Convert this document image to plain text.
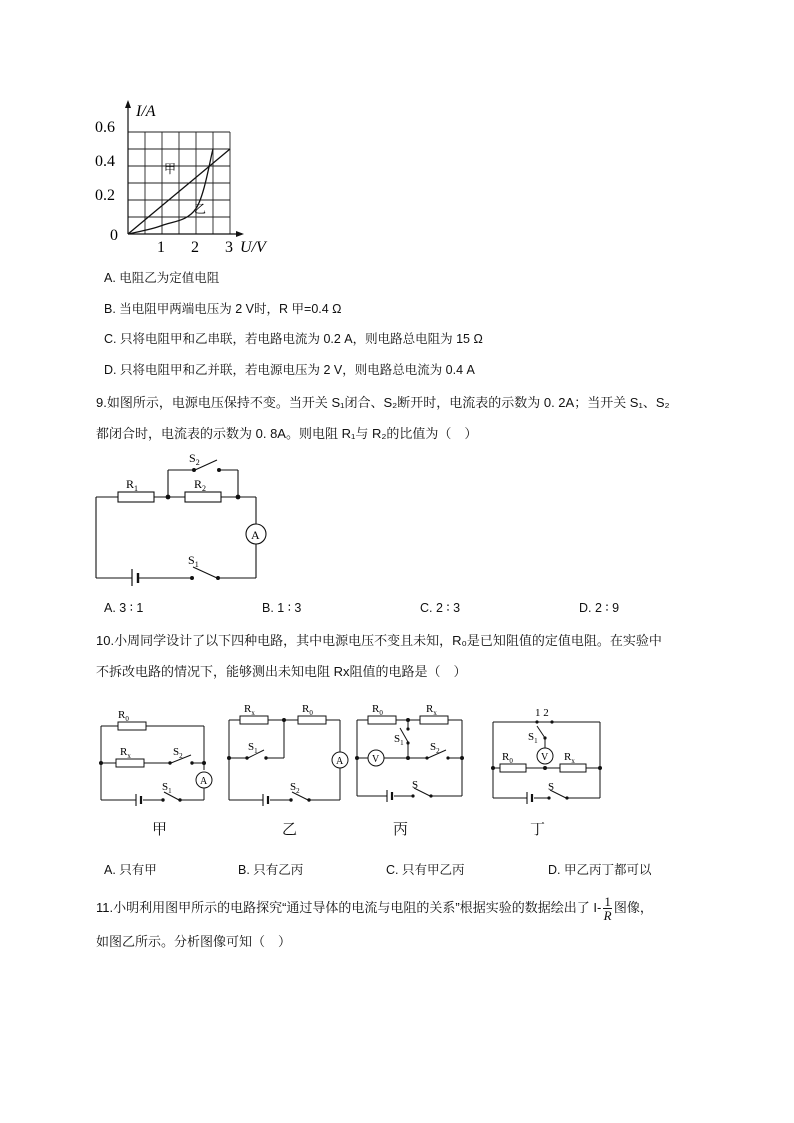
I/A
0.6
0.4
0.2
0
1 2 3 U/V
甲
乙
A. 电阻乙为定值电阻
B. 当电阻甲两端电压为 2 V时，R 甲=0.4 Ω
C. 只将电阻甲和乙串联，若电路电流为 0.2 A，则电路总电阻为 15 Ω
D. 只将电阻甲和乙并联，若电源电压为 2 V，则电路总电流为 0.4 A
9.如图所示，电源电压保持不变。当开关 S₁闭合、S₂断开时，电流表的示数为 0. 2A；当开关 S₁、S₂
都闭合时，电流表的示数为 0. 8A。则电阻 R₁与 R₂的比值为（　）
$S_2$
$R_1$	$R_2$
A
$S_1$
A. 3 ∶ 1	B. 1 ∶ 3	C. 2 ∶ 3	D. 2 ∶ 9
10.小周同学设计了以下四种电路，其中电源电压不变且未知，R₀是已知阻值的定值电阻。在实验中
不拆改电路的情况下，能够测出未知电阻 Rx阻值的电路是（　）
$R_0$
$R_x$	$S_2$
A
$S_1$
甲
$R_x$	$R_0$
$S_1$
A
$S_2$
乙
$R_0$	$R_x$
V
$S_1$ $S_2$
S
丙
1 2
$S_1$
V
$R_0$	$R_x$
S
丁
A. 只有甲	B. 只有乙丙	C. 只有甲乙丙	D. 甲乙丙丁都可以
11.小明利用图甲所示的电路探究“通过导体的电流与电阻的关系”根据实验的数据绘出了 $I- \frac{1}{R}$ 图像，
如图乙所示。分析图像可知（　）
